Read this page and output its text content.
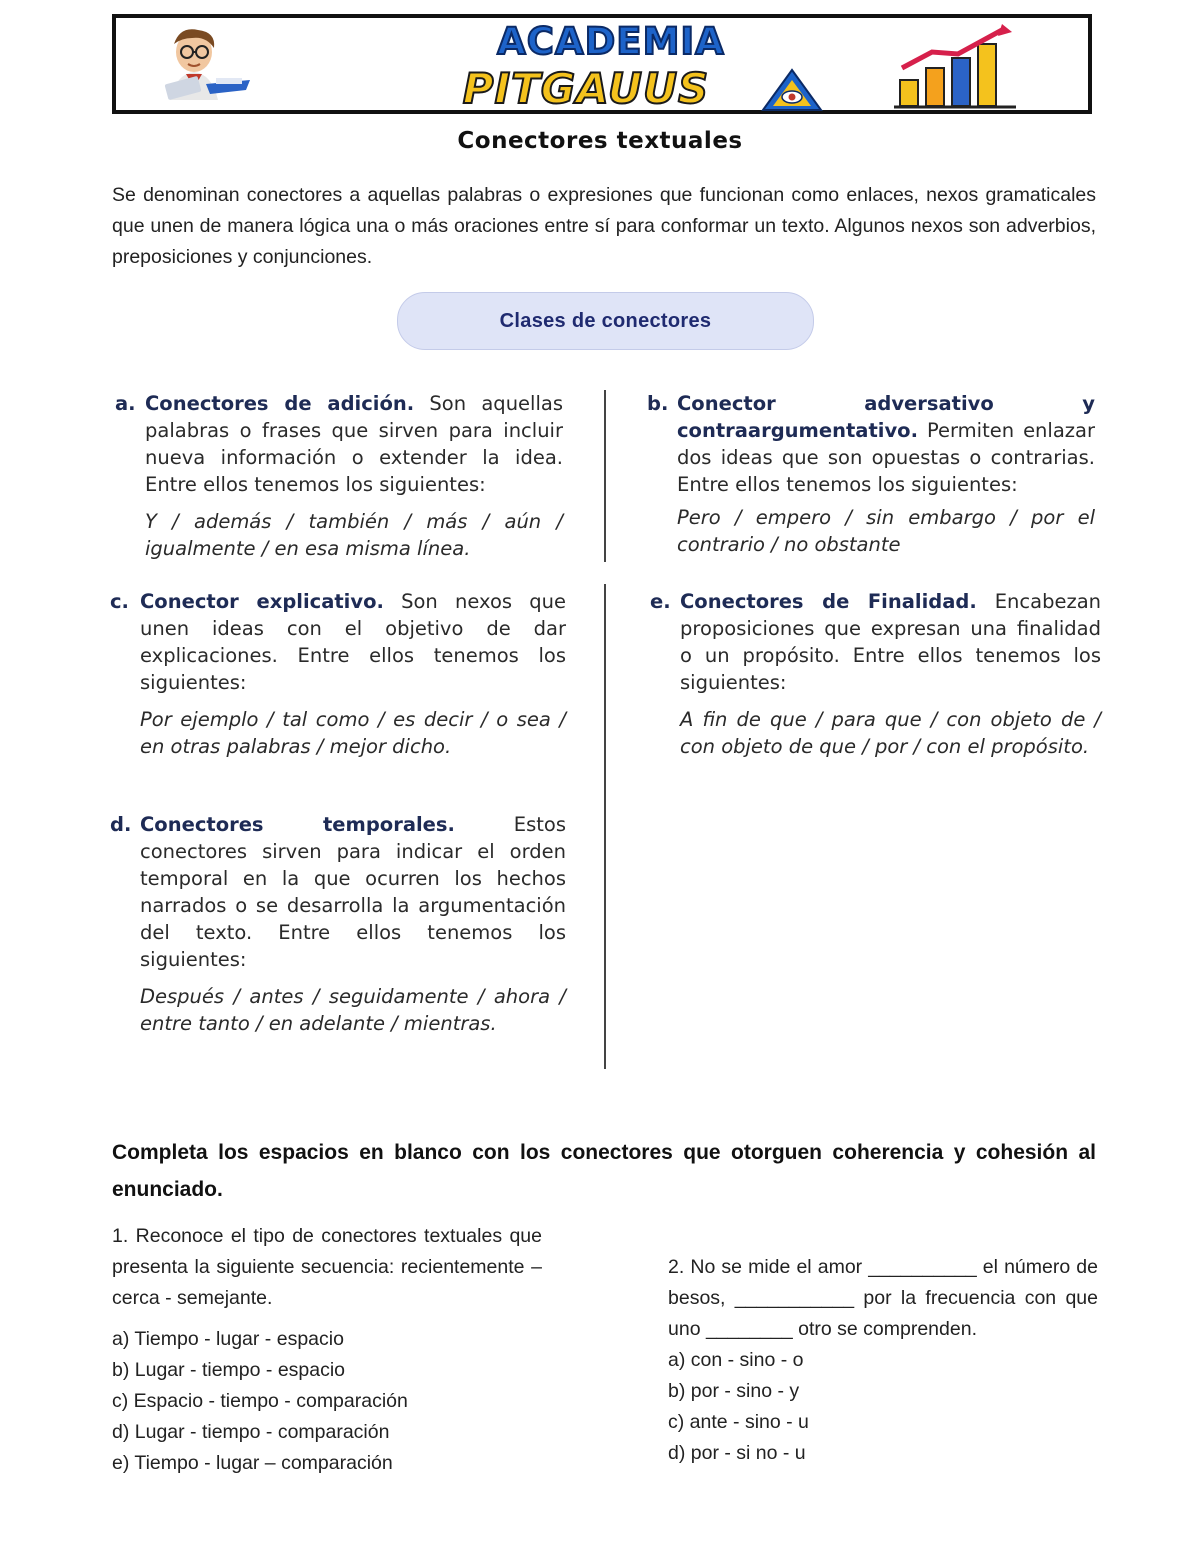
ACADEMIA
PITGAUUS
Conectores textuales

Se denominan conectores a aquellas palabras o expresiones que funcionan como enlaces, nexos gramaticales que unen de manera lógica una o más oraciones entre sí para conformar un texto. Algunos nexos son adverbios, preposiciones y conjunciones.

Clases de conectores
a. Conectores de adición. Son aquellas palabras o frases que sirven para incluir nueva información o extender la idea. Entre ellos tenemos los siguientes:
Y / además / también / más / aún / igualmente / en esa misma línea.
b. Conector adversativo y contraargumentativo. Permiten enlazar dos ideas que son opuestas o contrarias. Entre ellos tenemos los siguientes:
Pero / empero / sin embargo / por el contrario / no obstante
c. Conector explicativo. Son nexos que unen ideas con el objetivo de dar explicaciones. Entre ellos tenemos los siguientes:
Por ejemplo / tal como / es decir / o sea / en otras palabras / mejor dicho.
e. Conectores de Finalidad. Encabezan proposiciones que expresan una finalidad o un propósito. Entre ellos tenemos los siguientes:
A fin de que / para que / con objeto de / con objeto de que / por / con el propósito.
d. Conectores temporales. Estos conectores sirven para indicar el orden temporal en la que ocurren los hechos narrados o se desarrolla la argumentación del texto. Entre ellos tenemos los siguientes:
Después / antes / seguidamente / ahora / entre tanto / en adelante / mientras.
Completa los espacios en blanco con los conectores que otorguen coherencia y cohesión al enunciado.
1. Reconoce el tipo de conectores textuales que presenta la siguiente secuencia: recientemente – cerca - semejante.
a) Tiempo - lugar - espacio
b) Lugar - tiempo - espacio
c) Espacio - tiempo - comparación
d) Lugar - tiempo - comparación
e) Tiempo - lugar – comparación
2. No se mide el amor __________ el número de besos, ___________ por la frecuencia con que uno ________ otro se comprenden.
a) con - sino - o
b) por - sino - y
c) ante - sino - u
d) por - si no - u
